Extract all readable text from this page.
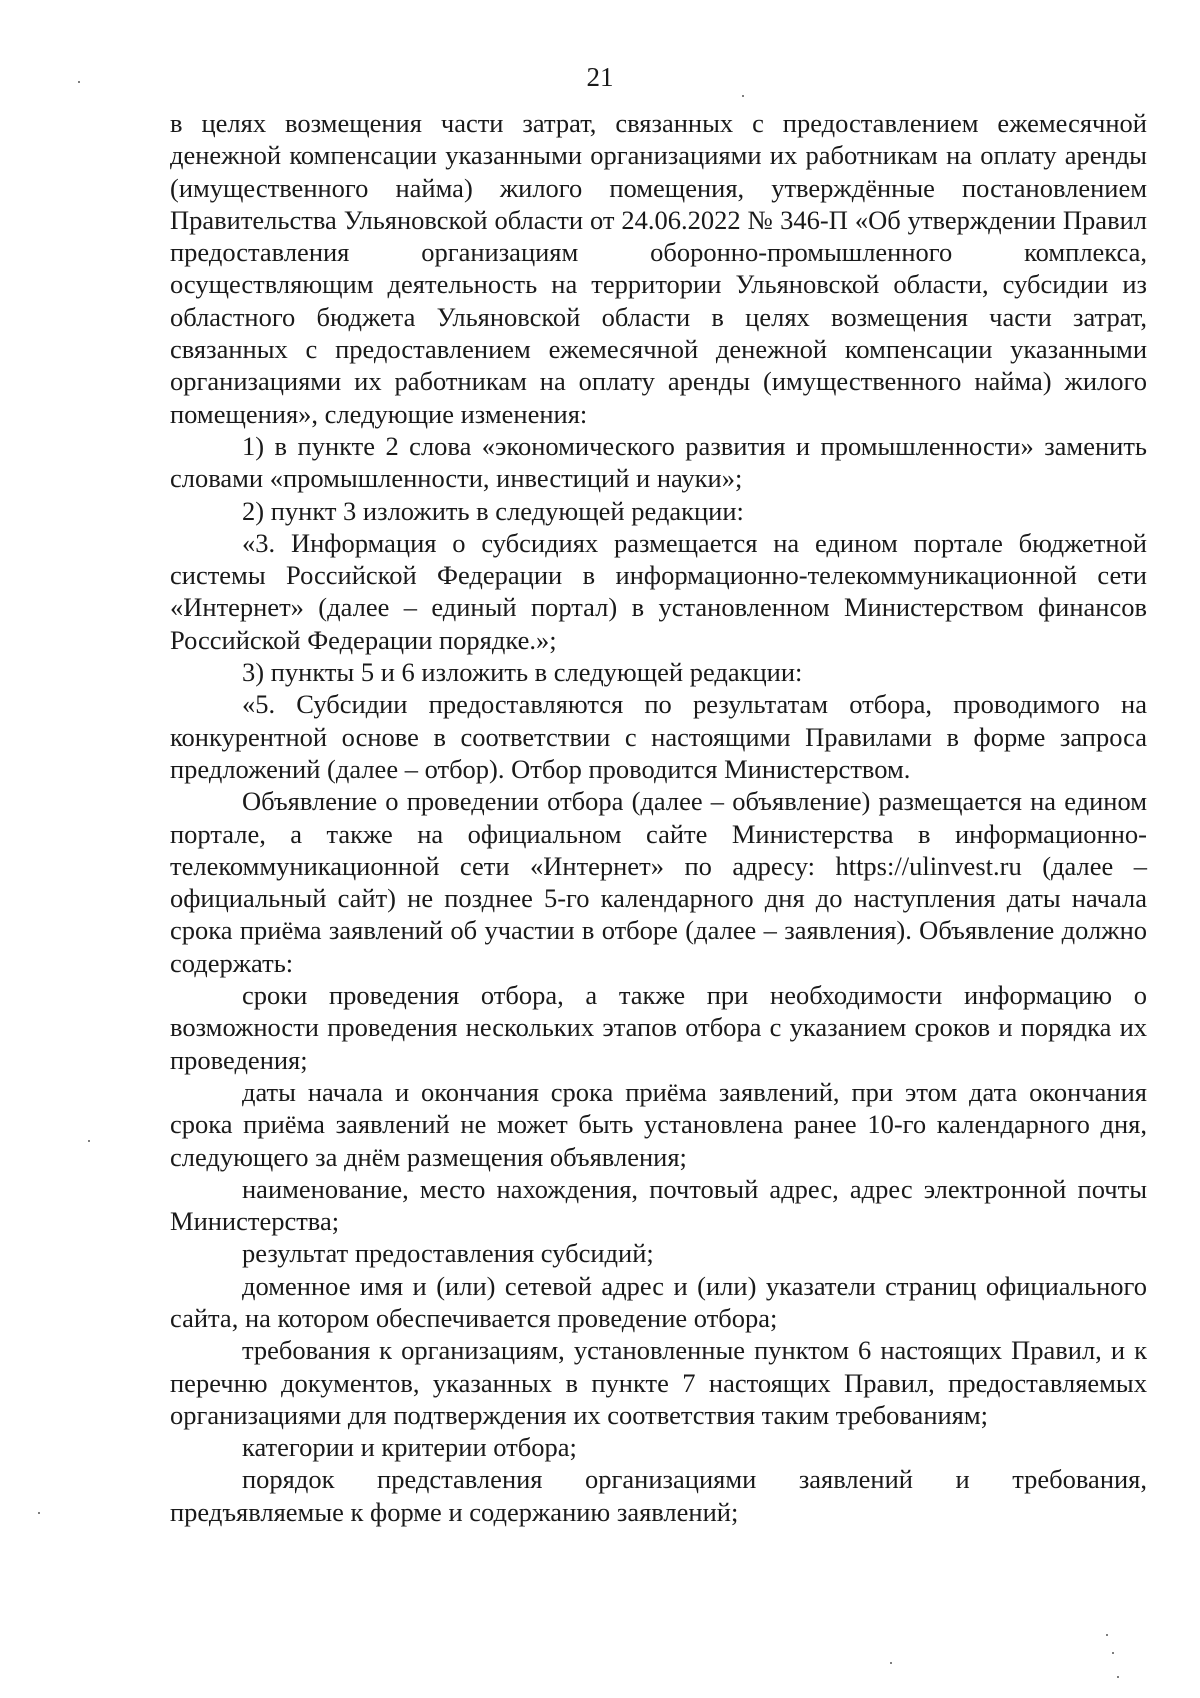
21

в целях возмещения части затрат, связанных с предоставлением ежемесячной денежной компенсации указанными организациями их работникам на оплату аренды (имущественного найма) жилого помещения, утверждённые постановлением Правительства Ульяновской области от 24.06.2022 № 346-П «Об утверждении Правил предоставления организациям оборонно-промышленного комплекса, осуществляющим деятельность на территории Ульяновской области, субсидии из областного бюджета Ульяновской области в целях возмещения части затрат, связанных с предоставлением ежемесячной денежной компенсации указанными организациями их работникам на оплату аренды (имущественного найма) жилого помещения», следующие изменения:

1) в пункте 2 слова «экономического развития и промышленности» заменить словами «промышленности, инвестиций и науки»;

2) пункт 3 изложить в следующей редакции:

«3. Информация о субсидиях размещается на едином портале бюджетной системы Российской Федерации в информационно-телекоммуникационной сети «Интернет» (далее – единый портал) в установленном Министерством финансов Российской Федерации порядке.»;

3) пункты 5 и 6 изложить в следующей редакции:

«5. Субсидии предоставляются по результатам отбора, проводимого на конкурентной основе в соответствии с настоящими Правилами в форме запроса предложений (далее – отбор). Отбор проводится Министерством.

Объявление о проведении отбора (далее – объявление) размещается на едином портале, а также на официальном сайте Министерства в информационно-телекоммуникационной сети «Интернет» по адресу: https://ulinvest.ru (далее – официальный сайт) не позднее 5-го календарного дня до наступления даты начала срока приёма заявлений об участии в отборе (далее – заявления). Объявление должно содержать:

сроки проведения отбора, а также при необходимости информацию о возможности проведения нескольких этапов отбора с указанием сроков и порядка их проведения;

даты начала и окончания срока приёма заявлений, при этом дата окончания срока приёма заявлений не может быть установлена ранее 10-го календарного дня, следующего за днём размещения объявления;

наименование, место нахождения, почтовый адрес, адрес электронной почты Министерства;

результат предоставления субсидий;

доменное имя и (или) сетевой адрес и (или) указатели страниц официального сайта, на котором обеспечивается проведение отбора;

требования к организациям, установленные пунктом 6 настоящих Правил, и к перечню документов, указанных в пункте 7 настоящих Правил, предоставляемых организациями для подтверждения их соответствия таким требованиям;

категории и критерии отбора;

порядок представления организациями заявлений и требования, предъявляемые к форме и содержанию заявлений;
